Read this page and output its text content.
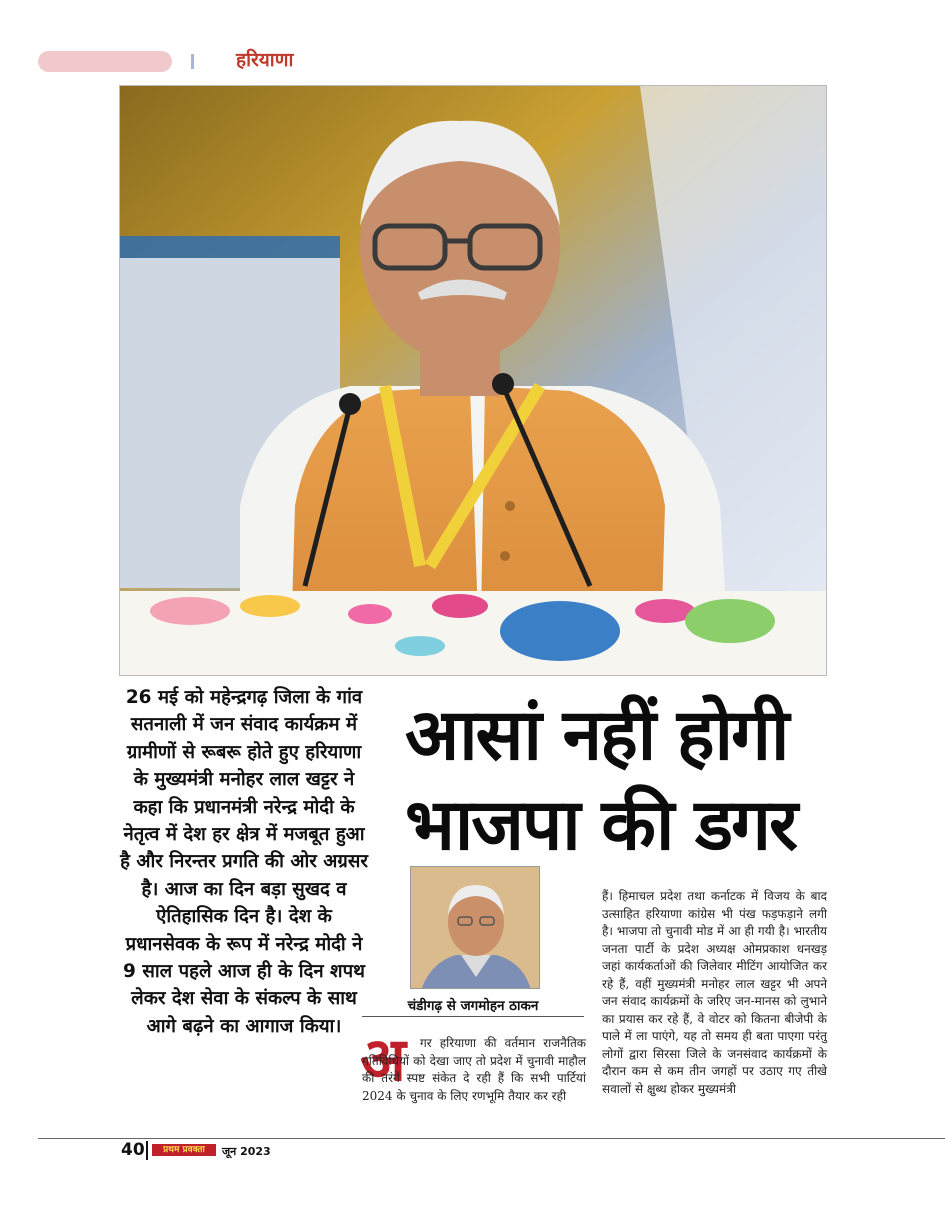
हरियाणा
26 मई को महेन्द्रगढ़ जिला के गांव सतनाली में जन संवाद कार्यक्रम में ग्रामीणों से रूबरू होते हुए हरियाणा के मुख्यमंत्री मनोहर लाल खट्टर ने कहा कि प्रधानमंत्री नरेन्द्र मोदी के नेतृत्व में देश हर क्षेत्र में मजबूत हुआ है और निरन्तर प्रगति की ओर अग्रसर है। आज का दिन बड़ा सुखद व ऐतिहासिक दिन है। देश के प्रधानसेवक के रूप में नरेन्द्र मोदी ने 9 साल पहले आज ही के दिन शपथ लेकर देश सेवा के संकल्प के साथ आगे बढ़ने का आगाज किया।
आसां नहीं होगी
भाजपा की डगर
चंडीगढ़ से जगमोहन ठाकन
अ	गर हरियाणा की वर्तमान राजनैतिक गतिविधियों को देखा जाए तो प्रदेश में चुनावी माहौल की तरंगें स्पष्ट संकेत दे रही हैं कि सभी पार्टियां 2024 के चुनाव के लिए रणभूमि तैयार कर रही

हैं। हिमाचल प्रदेश तथा कर्नाटक में विजय के बाद उत्साहित हरियाणा कांग्रेस भी पंख फड़फड़ाने लगी है। भाजपा तो चुनावी मोड में आ ही गयी है। भारतीय जनता पार्टी के प्रदेश अध्यक्ष ओमप्रकाश धनखड़ जहां कार्यकर्ताओं की जिलेवार मीटिंग आयोजित कर रहे हैं, वहीं मुख्यमंत्री मनोहर लाल खट्टर भी अपने जन संवाद कार्यक्रमों के जरिए जन-मानस को लुभाने का प्रयास कर रहे हैं, वे वोटर को कितना बीजेपी के पाले में ला पाएंगे, यह तो समय ही बता पाएगा परंतु लोगों द्वारा सिरसा जिले के जनसंवाद कार्यक्रमों के दौरान कम से कम तीन जगहों पर उठाए गए तीखे सवालों से क्षुब्ध होकर मुख्यमंत्री
40	प्रथम प्रवक्ता	जून 2023
